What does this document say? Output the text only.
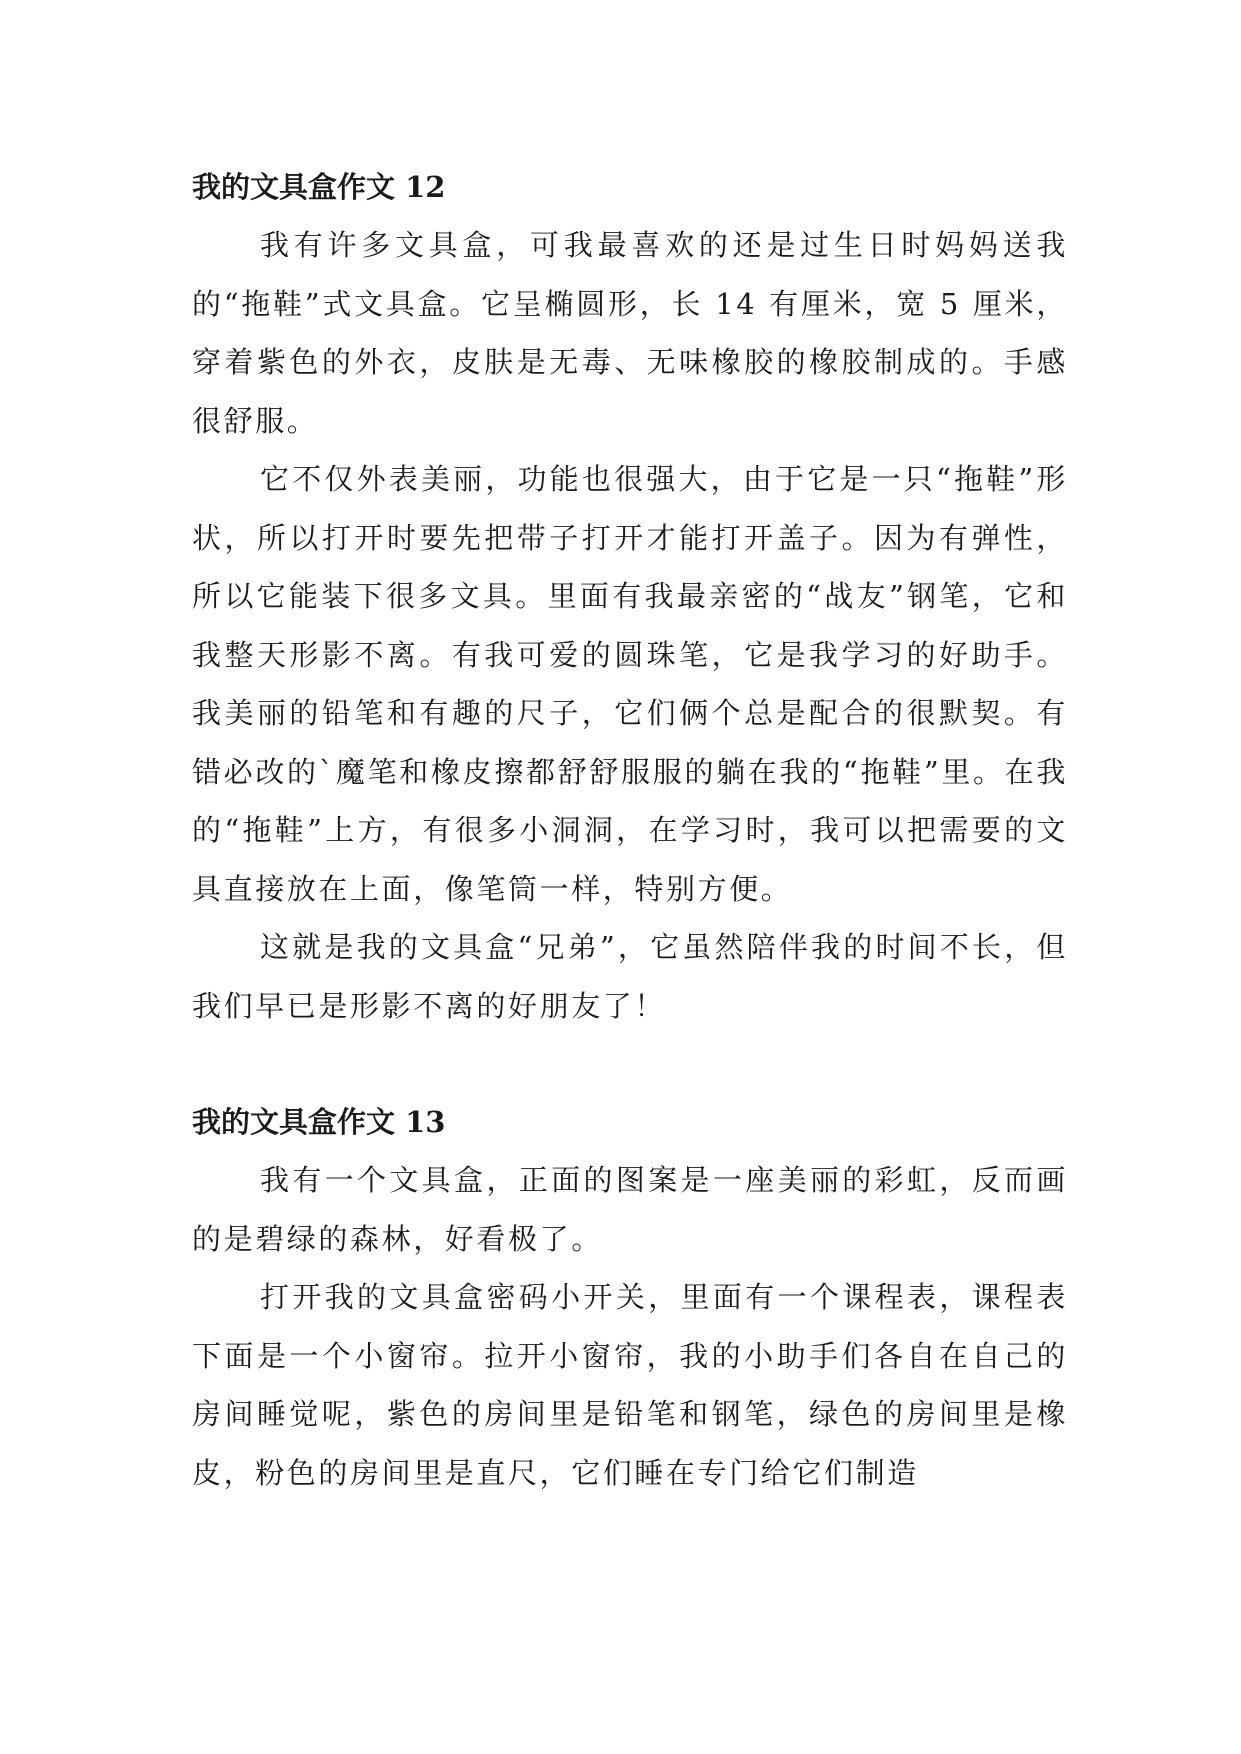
我的文具盒作文 12

我有许多文具盒，可我最喜欢的还是过生日时妈妈送我的“拖鞋”式文具盒。它呈椭圆形，长 14 有厘米，宽 5 厘米，穿着紫色的外衣，皮肤是无毒、无味橡胶的橡胶制成的。手感很舒服。

它不仅外表美丽，功能也很强大，由于它是一只“拖鞋”形状，所以打开时要先把带子打开才能打开盖子。因为有弹性，所以它能装下很多文具。里面有我最亲密的“战友”钢笔，它和我整天形影不离。有我可爱的圆珠笔，它是我学习的好助手。我美丽的铅笔和有趣的尺子，它们俩个总是配合的很默契。有错必改的`魔笔和橡皮擦都舒舒服服的躺在我的“拖鞋”里。在我的“拖鞋”上方，有很多小洞洞，在学习时，我可以把需要的文具直接放在上面，像笔筒一样，特别方便。

这就是我的文具盒“兄弟”，它虽然陪伴我的时间不长，但我们早已是形影不离的好朋友了！

我的文具盒作文 13

我有一个文具盒，正面的图案是一座美丽的彩虹，反而画的是碧绿的森林，好看极了。

打开我的文具盒密码小开关，里面有一个课程表，课程表下面是一个小窗帘。拉开小窗帘，我的小助手们各自在自己的房间睡觉呢，紫色的房间里是铅笔和钢笔，绿色的房间里是橡皮，粉色的房间里是直尺，它们睡在专门给它们制造
